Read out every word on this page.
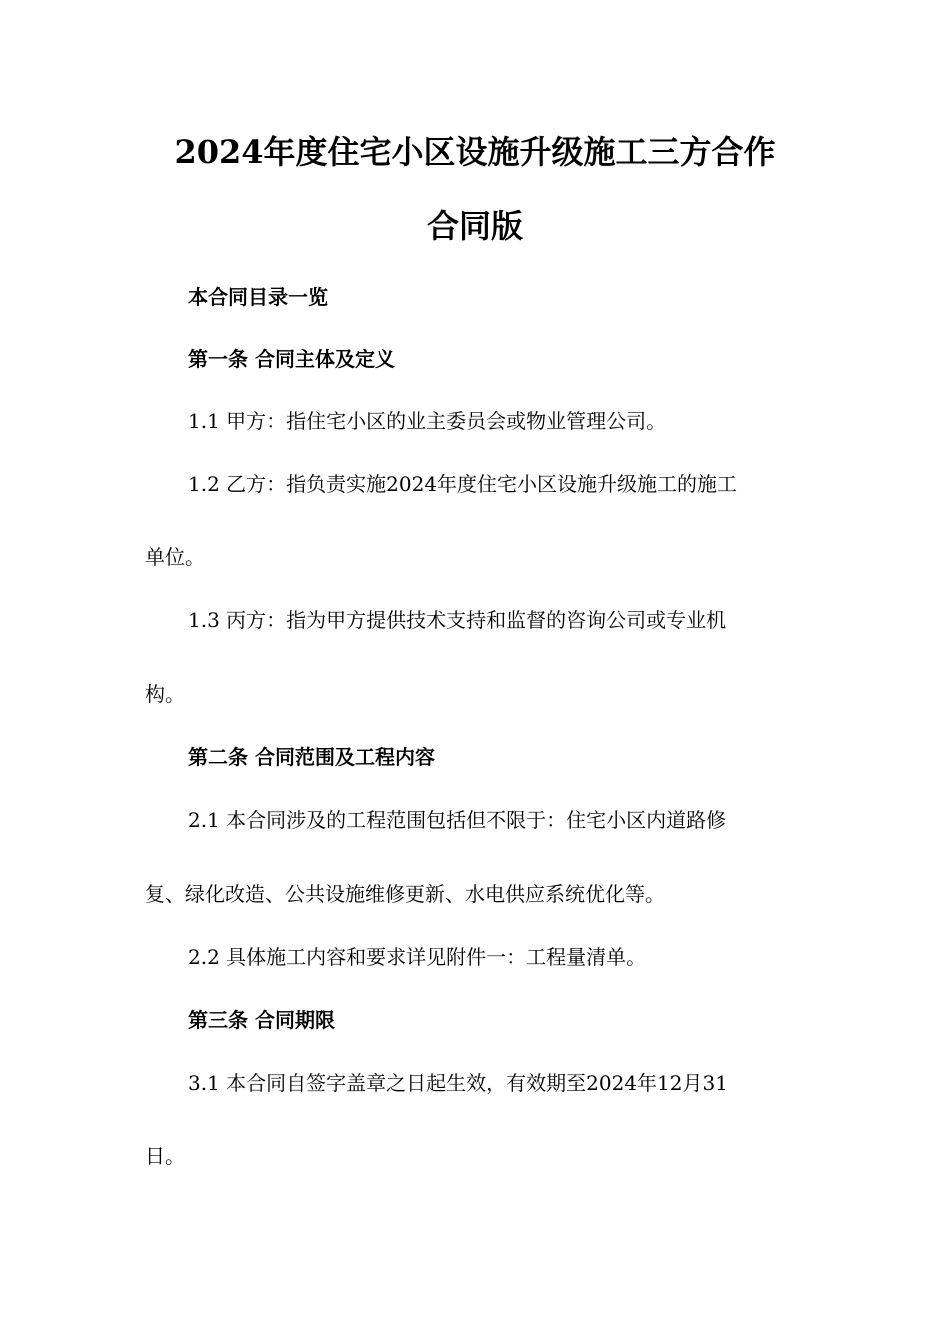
2024年度住宅小区设施升级施工三方合作
合同版
本合同目录一览
第一条 合同主体及定义
1.1 甲方：指住宅小区的业主委员会或物业管理公司。
1.2 乙方：指负责实施2024年度住宅小区设施升级施工的施工
单位。
1.3 丙方：指为甲方提供技术支持和监督的咨询公司或专业机
构。
第二条 合同范围及工程内容
2.1 本合同涉及的工程范围包括但不限于：住宅小区内道路修
复、绿化改造、公共设施维修更新、水电供应系统优化等。
2.2 具体施工内容和要求详见附件一：工程量清单。
第三条 合同期限
3.1 本合同自签字盖章之日起生效，有效期至2024年12月31
日。
